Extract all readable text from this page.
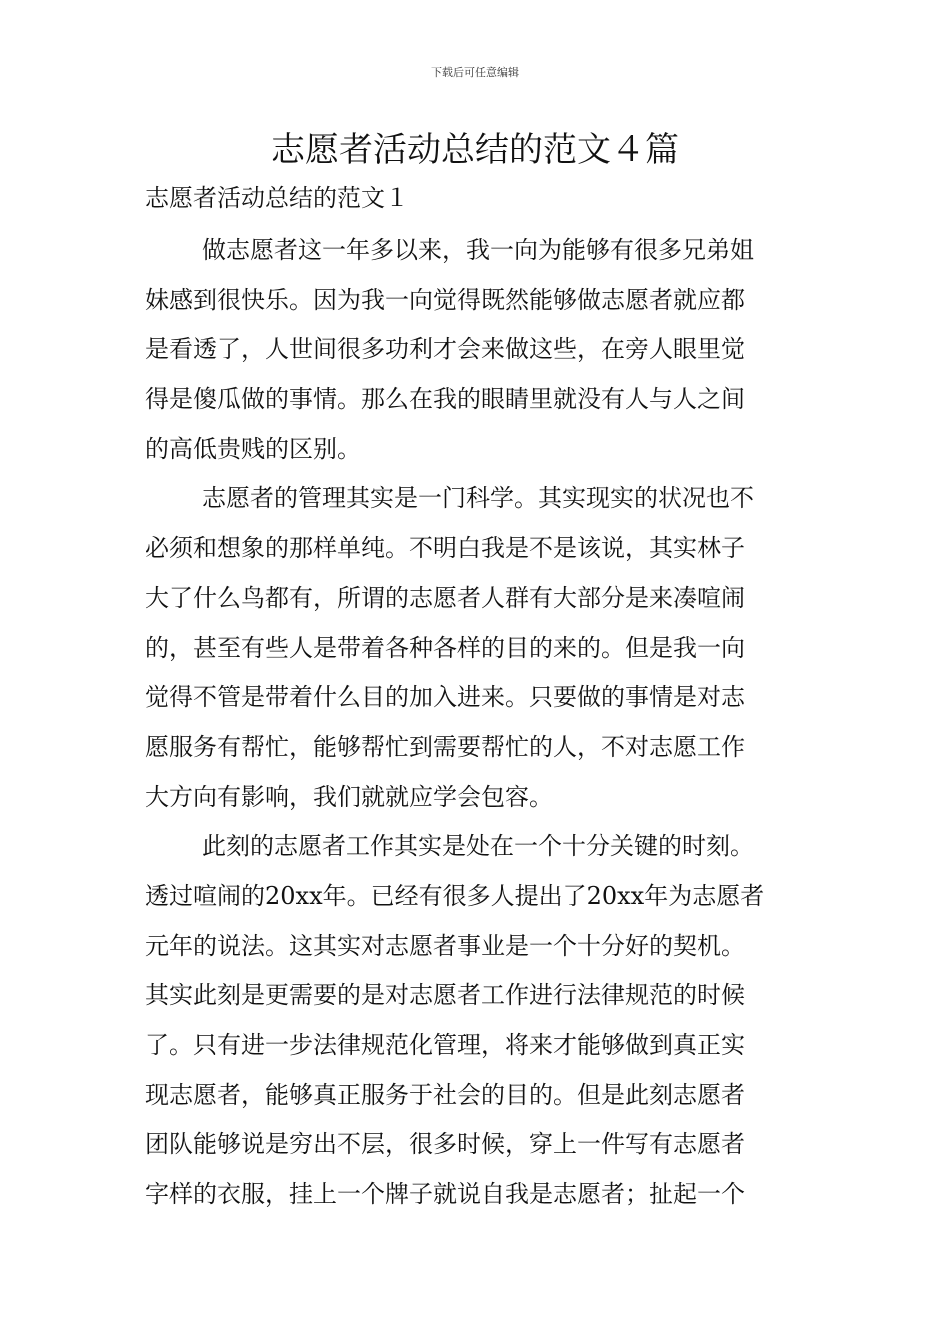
下载后可任意编辑
志愿者活动总结的范文４篇
志愿者活动总结的范文１

做志愿者这一年多以来，我一向为能够有很多兄弟姐
妹感到很快乐。因为我一向觉得既然能够做志愿者就应都
是看透了，人世间很多功利才会来做这些，在旁人眼里觉
得是傻瓜做的事情。那么在我的眼睛里就没有人与人之间
的高低贵贱的区别。

志愿者的管理其实是一门科学。其实现实的状况也不
必须和想象的那样单纯。不明白我是不是该说，其实林子
大了什么鸟都有，所谓的志愿者人群有大部分是来凑喧闹
的，甚至有些人是带着各种各样的目的来的。但是我一向
觉得不管是带着什么目的加入进来。只要做的事情是对志
愿服务有帮忙，能够帮忙到需要帮忙的人，不对志愿工作
大方向有影响，我们就就应学会包容。

此刻的志愿者工作其实是处在一个十分关键的时刻。
透过喧闹的20xx年。已经有很多人提出了20xx年为志愿者
元年的说法。这其实对志愿者事业是一个十分好的契机。
其实此刻是更需要的是对志愿者工作进行法律规范的时候
了。只有进一步法律规范化管理，将来才能够做到真正实
现志愿者，能够真正服务于社会的目的。但是此刻志愿者
团队能够说是穷出不层，很多时候，穿上一件写有志愿者
字样的衣服，挂上一个牌子就说自我是志愿者；扯起一个
